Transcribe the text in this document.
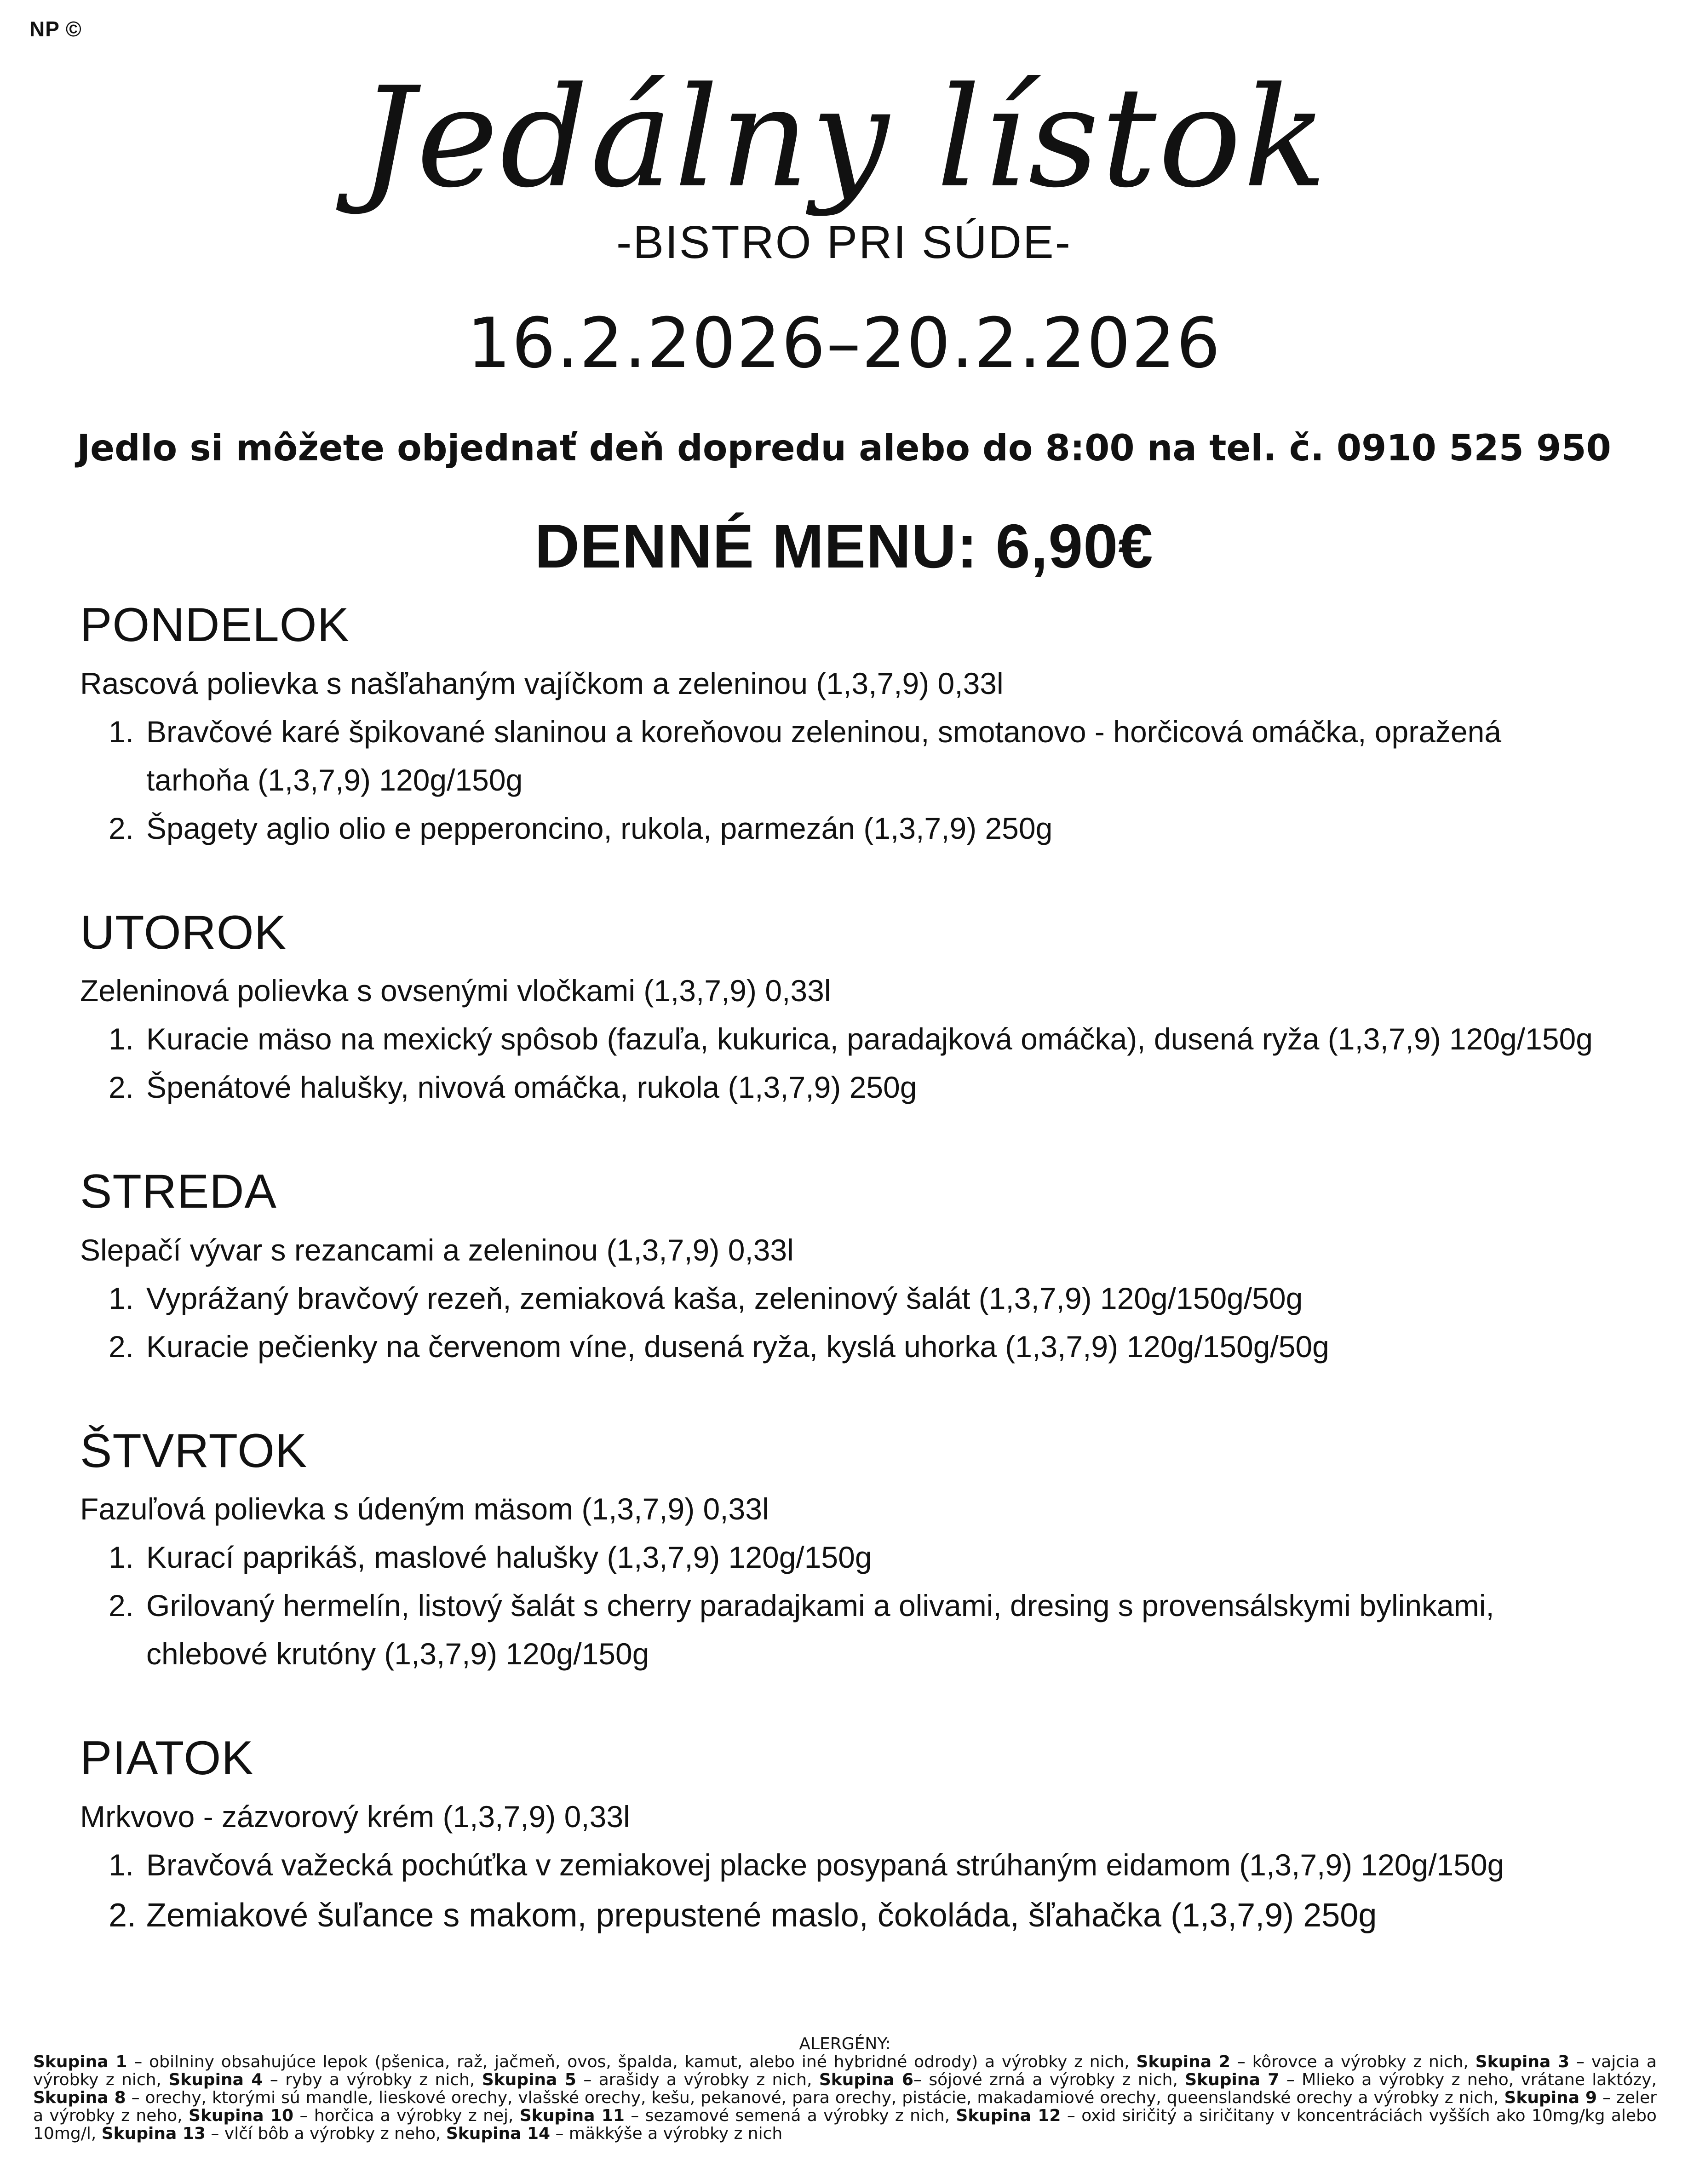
NP ©
Jedálny lístok
-BISTRO PRI SÚDE-
16.2.2026–20.2.2026
Jedlo si môžete objednať deň dopredu alebo do 8:00 na tel. č. 0910 525 950
DENNÉ MENU: 6,90€
PONDELOK
Rascová polievka s našľahaným vajíčkom a zeleninou (1,3,7,9) 0,33l
1. Bravčové karé špikované slaninou a koreňovou zeleninou, smotanovo - horčicová omáčka, opražená tarhoňa (1,3,7,9) 120g/150g
2. Špagety aglio olio e pepperoncino, rukola, parmezán (1,3,7,9) 250g
UTOROK
Zeleninová polievka s ovsenými vločkami (1,3,7,9) 0,33l
1. Kuracie mäso na mexický spôsob (fazuľa, kukurica, paradajková omáčka), dusená ryža (1,3,7,9) 120g/150g
2. Špenátové halušky, nivová omáčka, rukola (1,3,7,9) 250g
STREDA
Slepačí vývar s rezancami a zeleninou (1,3,7,9) 0,33l
1. Vyprážaný bravčový rezeň, zemiaková kaša, zeleninový šalát (1,3,7,9) 120g/150g/50g
2. Kuracie pečienky na červenom víne, dusená ryža, kyslá uhorka (1,3,7,9) 120g/150g/50g
ŠTVRTOK
Fazuľová polievka s údeným mäsom (1,3,7,9) 0,33l
1. Kurací paprikáš, maslové halušky (1,3,7,9) 120g/150g
2. Grilovaný hermelín, listový šalát s cherry paradajkami a olivami, dresing s provensálskymi bylinkami, chlebové krutóny (1,3,7,9) 120g/150g
PIATOK
Mrkvovo - zázvorový krém (1,3,7,9) 0,33l
1. Bravčová važecká pochúťka v zemiakovej placke posypaná strúhaným eidamom (1,3,7,9) 120g/150g
2. Zemiakové šuľance s makom, prepustené maslo, čokoláda, šľahačka (1,3,7,9) 250g
ALERGÉNY:
Skupina 1 – obilniny obsahujúce lepok (pšenica, raž, jačmeň, ovos, špalda, kamut, alebo iné hybridné odrody) a výrobky z nich, Skupina 2 – kôrovce a výrobky z nich, Skupina 3 – vajcia a výrobky z nich, Skupina 4 – ryby a výrobky z nich, Skupina 5 – arašidy a výrobky z nich, Skupina 6– sójové zrná a výrobky z nich, Skupina 7 – Mlieko a výrobky z neho, vrátane laktózy, Skupina 8 – orechy, ktorými sú mandle, lieskové orechy, vlašské orechy, kešu, pekanové, para orechy, pistácie, makadamiové orechy, queenslandské orechy a výrobky z nich, Skupina 9 – zeler a výrobky z neho, Skupina 10 – horčica a výrobky z nej, Skupina 11 – sezamové semená a výrobky z nich, Skupina 12 – oxid siričitý a siričitany v koncentráciách vyšších ako 10mg/kg alebo 10mg/l, Skupina 13 – vlčí bôb a výrobky z neho, Skupina 14 – mäkkýše a výrobky z nich
